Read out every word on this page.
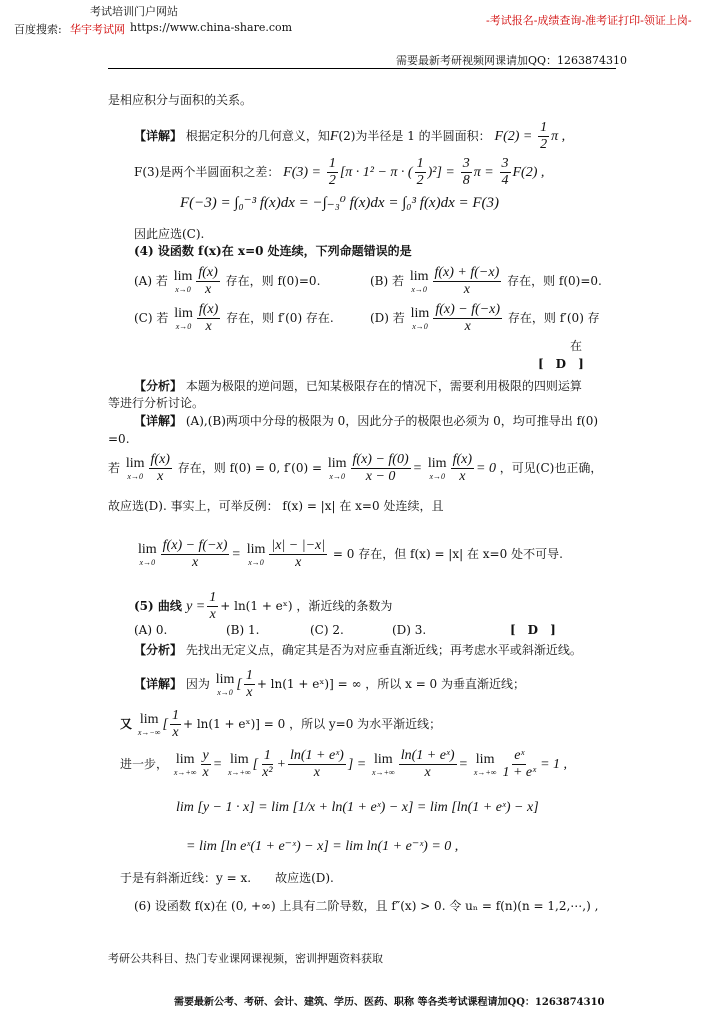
考试培训门户网站
百度搜索: 华宇考试网 https://www.china-share.com
-考试报名-成绩查询-准考证打印-领证上岗-
需要最新考研视频网课请加QQ：1263874310
是相应积分与面积的关系。
【详解】 根据定积分的几何意义，知F(2)为半径是 1 的半圆面积： $F(2) = \frac{1}{2}$ π ,
F(3)是两个半圆面积之差： $F(3) = \frac{1}{2} [\pi \cdot 1^2 - \pi$ · ( $\frac{1}{2} )^2] = \frac{3}{8}$ $\pi = \frac{3}{4} F(2)$ ,
F(−3) = ∫₀⁻³ f(x)dx = −∫₋₃⁰ f(x)dx = ∫₀³ f(x)dx = F(3)
因此应选(C).
(4) 设函数 f(x)在 x=0 处连续，下列命题错误的是
(A) 若 lim
$x\to 0 \frac{f(x)}{x}$ 存在，则 f(0)=0.	(B) 若 lim
$x\to 0 \frac{f(x) + f(-x)}{x}$ 存在，则 f(0)=0.
(C) 若 lim
$x\to 0 \frac{f(x)}{x}$ 存在，则 f′(0) 存在.	(D) 若 lim
$x\to 0 \frac{f(x) - f(-x)}{x}$ 存在，则 f′(0) 存
在
[　D　]
【分析】 本题为极限的逆问题，已知某极限存在的情况下，需要利用极限的四则运算
等进行分析讨论。
【详解】 (A),(B)两项中分母的极限为 0，因此分子的极限也必须为 0，均可推导出 f(0)
=0.
若 lim
$x\to 0 \frac{f(x)}{x}$ 存在，则 f(0) = 0, f′(0) = lim
$x\to 0 \frac{f(x) - f(0)}{x - 0} = \lim$
$x\to 0 \frac{f(x)}{x} = 0$ ，可见(C)也正确，
故应选(D). 事实上，可举反例： f(x) = |x| 在 x=0 处连续，且
lim
$x\to 0 \frac{f(x) - f(-x)}{x} = \lim$
$x\to 0 \frac{|x| - |-x|}{x} = 0$ 存在，但 f(x) = |x| 在 x=0 处不可导.
(5) 曲线 $y = \frac{1}{x} + \ln(1$ + eˣ) ，渐近线的条数为
(A) 0.	(B) 1.	(C) 2.	(D) 3.	[　D　]
【分析】 先找出无定义点，确定其是否为对应垂直渐近线；再考虑水平或斜渐近线。
【详解】 因为 lim
x→0
[ $\frac{1}{x} + \ln(1$ + eˣ)] = ∞ ，所以 x = 0 为垂直渐近线；
又 lim
x→−∞
[ $\frac{1}{x} + \ln(1$ + eˣ)] = 0 ，所以 y=0 为水平渐近线；
进一步， lim
$x\to+\infty \frac{y}{x} = \lim$
x→+∞
[ $\frac{1}{\text{x²}} + \frac{\text{ln(1 + eˣ)}}{x}$ ] = lim
$x\to+\infty \frac{\text{ln(1 + eˣ)}}{x} = \lim$
$x\to+\infty \frac{\text{eˣ}}{\text{1 + eˣ}} = 1$ ,
lim [y − 1 · x] = lim [1/x + ln(1 + eˣ) − x] = lim [ln(1 + eˣ) − x]
= lim [ln eˣ(1 + e⁻ˣ) − x] = lim ln(1 + e⁻ˣ) = 0 ,
于是有斜渐近线：y = x.　　 故应选(D).
(6) 设函数 f(x)在 (0, +∞) 上具有二阶导数，且 f″(x) > 0. 令 uₙ = f(n)(n = 1,2,⋯,) ,
考研公共科目、热门专业课网课视频，密训押题资料获取
需要最新公考、考研、会计、建筑、学历、医药、职称 等各类考试课程请加QQ：1263874310
